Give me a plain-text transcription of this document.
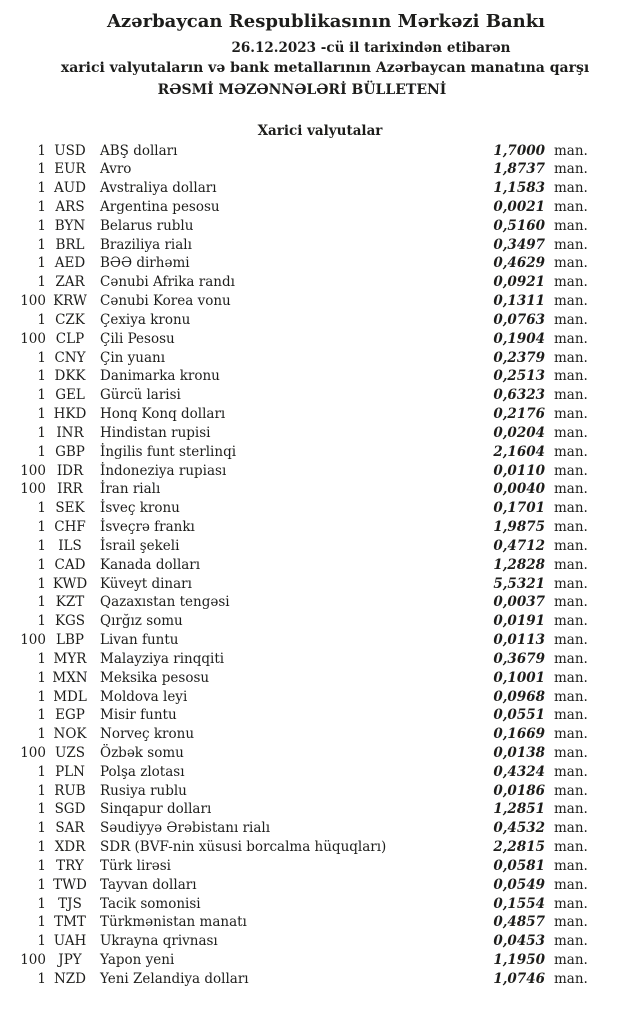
Azərbaycan Respublikasının Mərkəzi Bankı
26.12.2023 -cü il tarixindən etibarən
xarici valyutaların və bank metallarının Azərbaycan manatına qarşı
RƏSMİ MƏZƏNNƏLƏRİ BÜLLETENİ
Xarici valyutalar
1 USD	ABŞ dolları	1,7000 man.
1 EUR	Avro	1,8737 man.
1 AUD	Avstraliya dolları	1,1583 man.
1 ARS	Argentina pesosu	0,0021 man.
1 BYN	Belarus rublu	0,5160 man.
1 BRL	Braziliya rialı	0,3497 man.
1 AED	BƏƏ dirhəmi	0,4629 man.
1 ZAR	Cənubi Afrika randı	0,0921 man.
100 KRW Cənubi Korea vonu	0,1311 man.
1 CZK	Çexiya kronu	0,0763 man.
100 CLP	Çili Pesosu	0,1904 man.
1 CNY	Çin yuanı	0,2379 man.
1 DKK	Danimarka kronu	0,2513 man.
1 GEL	Gürcü larisi	0,6323 man.
1 HKD	Honq Konq dolları	0,2176 man.
1 INR	Hindistan rupisi	0,0204 man.
1 GBP	İngilis funt sterlinqi	2,1604 man.
100 IDR	İndoneziya rupiası	0,0110 man.
100 IRR	İran rialı	0,0040 man.
1 SEK	İsveç kronu	0,1701 man.
1 CHF	İsveçrə frankı	1,9875 man.
1 ILS	İsrail şekeli	0,4712 man.
1 CAD	Kanada dolları	1,2828 man.
1 KWD Küveyt dinarı	5,5321 man.
1 KZT	Qazaxıstan tengəsi	0,0037 man.
1 KGS	Qırğız somu	0,0191 man.
100 LBP	Livan funtu	0,0113 man.
1 MYR	Malayziya rinqqiti	0,3679 man.
1 MXN Meksika pesosu	0,1001 man.
1 MDL Moldova leyi	0,0968 man.
1 EGP	Misir funtu	0,0551 man.
1 NOK	Norveç kronu	0,1669 man.
100 UZS	Özbək somu	0,0138 man.
1 PLN	Polşa zlotası	0,4324 man.
1 RUB	Rusiya rublu	0,0186 man.
1 SGD	Sinqapur dolları	1,2851 man.
1 SAR	Səudiyyə Ərəbistanı rialı	0,4532 man.
1 XDR	SDR (BVF-nin xüsusi borcalma hüquqları)	2,2815 man.
1 TRY	Türk lirəsi	0,0581 man.
1 TWD Tayvan dolları	0,0549 man.
1 TJS	Tacik somonisi	0,1554 man.
1 TMT	Türkmənistan manatı	0,4857 man.
1 UAH	Ukrayna qrivnası	0,0453 man.
100 JPY	Yapon yeni	1,1950 man.
1 NZD	Yeni Zelandiya dolları	1,0746 man.
